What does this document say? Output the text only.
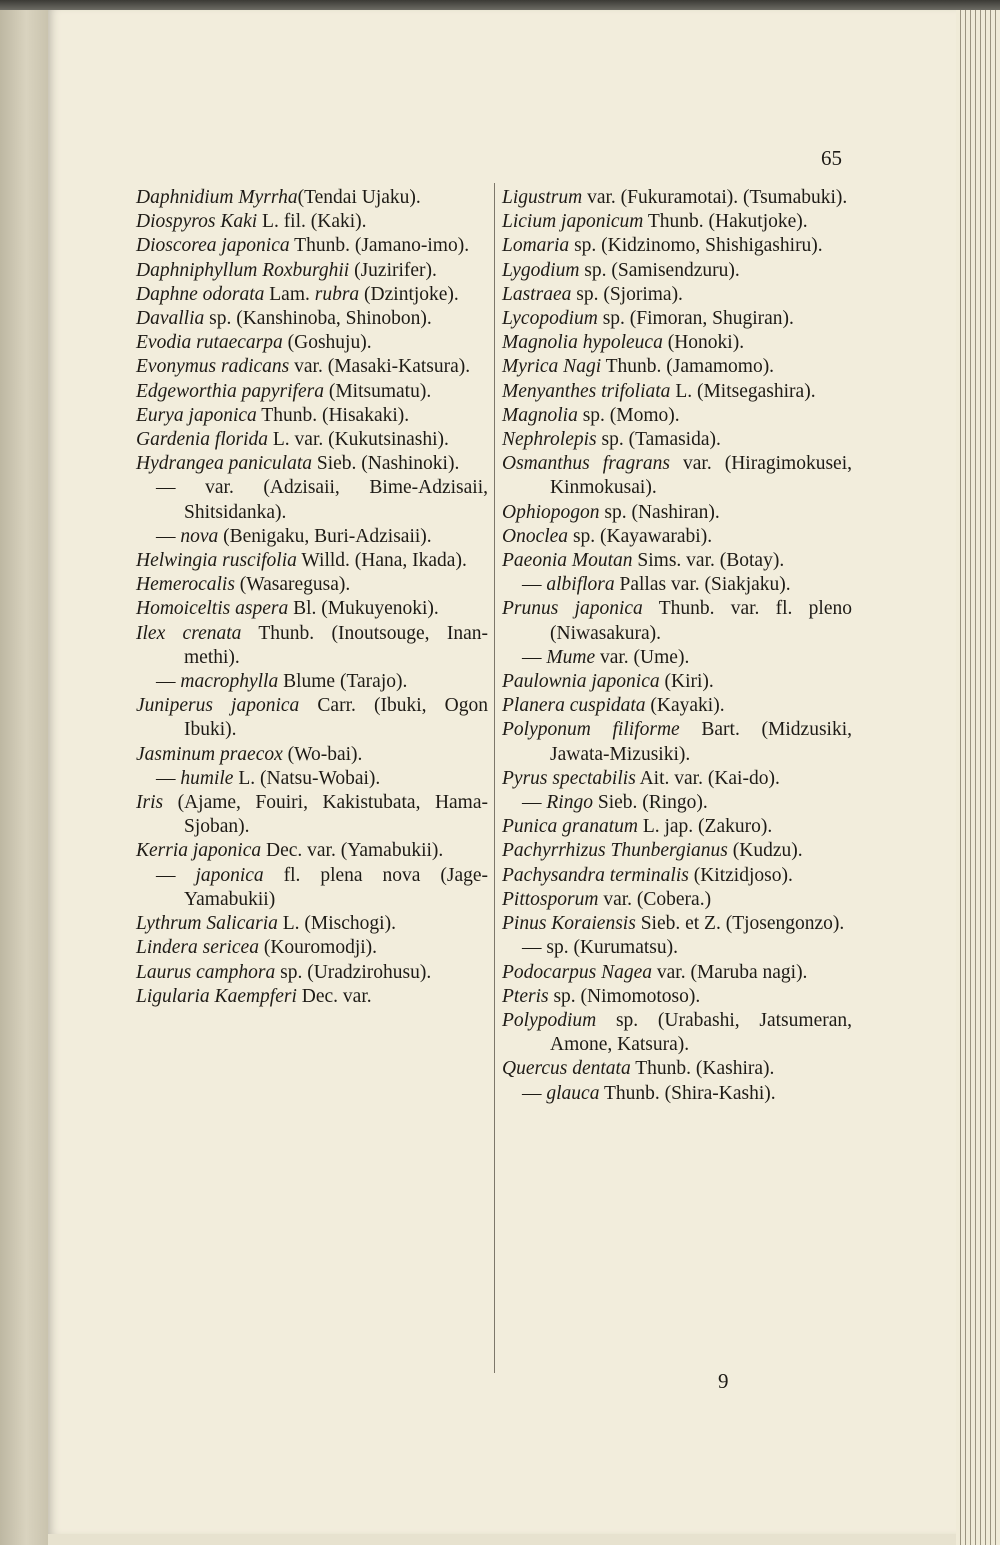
65
Daphnidium Myrrha(Tendai Ujaku).
Diospyros Kaki L. fil. (Kaki).
Dioscorea japonica Thunb. (Jamano-imo).
Daphniphyllum Roxburghii (Juzirifer).
Daphne odorata Lam. rubra (Dzintjoke).
Davallia sp. (Kanshinoba, Shinobon).
Evodia rutaecarpa (Goshuju).
Evonymus radicans var. (Masaki-Katsura).
Edgeworthia papyrifera (Mitsumatu).
Eurya japonica Thunb. (Hisakaki).
Gardenia florida L. var. (Kukutsinashi).
Hydrangea paniculata Sieb. (Nashinoki).
— var. (Adzisaii, Bime-Adzisaii, Shitsidanka).
— nova (Benigaku, Buri-Adzisaii).
Helwingia ruscifolia Willd. (Hana, Ikada).
Hemerocalis (Wasaregusa).
Homoiceltis aspera Bl. (Mukuyenoki).
Ilex crenata Thunb. (Inoutsouge, Inan-methi).
— macrophylla Blume (Tarajo).
Juniperus japonica Carr. (Ibuki, Ogon Ibuki).
Jasminum praecox (Wo-bai).
— humile L. (Natsu-Wobai).
Iris (Ajame, Fouiri, Kakistubata, Hama-Sjoban).
Kerria japonica Dec. var. (Yamabukii).
— japonica fl. plena nova (Jage-Yamabukii)
Lythrum Salicaria L. (Mischogi).
Lindera sericea (Kouromodji).
Laurus camphora sp. (Uradzirohusu).
Ligularia Kaempferi Dec. var.
Ligustrum var. (Fukuramotai). (Tsumabuki).
Licium japonicum Thunb. (Hakutjoke).
Lomaria sp. (Kidzinomo, Shishigashiru).
Lygodium sp. (Samisendzuru).
Lastraea sp. (Sjorima).
Lycopodium sp. (Fimoran, Shugiran).
Magnolia hypoleuca (Honoki).
Myrica Nagi Thunb. (Jamamomo).
Menyanthes trifoliata L. (Mitsegashira).
Magnolia sp. (Momo).
Nephrolepis sp. (Tamasida).
Osmanthus fragrans var. (Hiragimokusei, Kinmokusai).
Ophiopogon sp. (Nashiran).
Onoclea sp. (Kayawarabi).
Paeonia Moutan Sims. var. (Botay).
— albiflora Pallas var. (Siakjaku).
Prunus japonica Thunb. var. fl. pleno (Niwasakura).
— Mume var. (Ume).
Paulownia japonica (Kiri).
Planera cuspidata (Kayaki).
Polyponum filiforme Bart. (Midzusiki, Jawata-Mizusiki).
Pyrus spectabilis Ait. var. (Kai-do).
— Ringo Sieb. (Ringo).
Punica granatum L. jap. (Zakuro).
Pachyrrhizus Thunbergianus (Kudzu).
Pachysandra terminalis (Kitzidjoso).
Pittosporum var. (Cobera.)
Pinus Koraiensis Sieb. et Z. (Tjosengonzo).
— sp. (Kurumatsu).
Podocarpus Nagea var. (Maruba nagi).
Pteris sp. (Nimomotoso).
Polypodium sp. (Urabashi, Jatsumeran, Amone, Katsura).
Quercus dentata Thunb. (Kashira).
— glauca Thunb. (Shira-Kashi).
9
